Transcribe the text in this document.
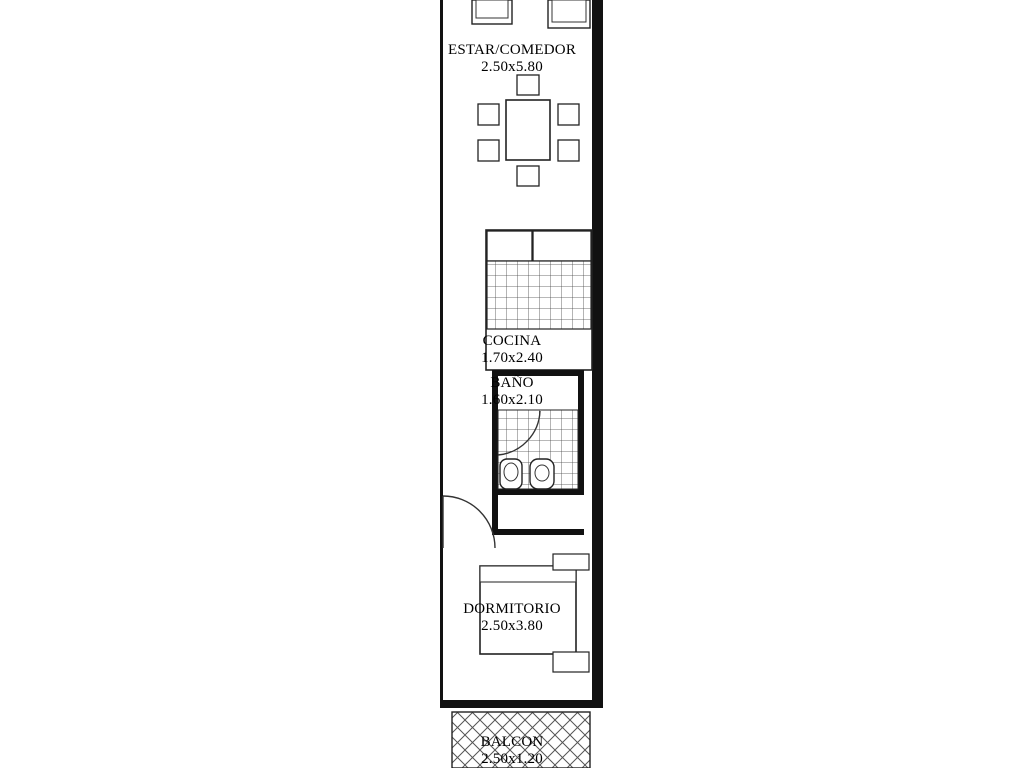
ESTAR/COMEDOR
2.50x5.80
COCINA
1.70x2.40
BAÑO
1.60x2.10
DORMITORIO
2.50x3.80
BALCON
2.50x1.20
